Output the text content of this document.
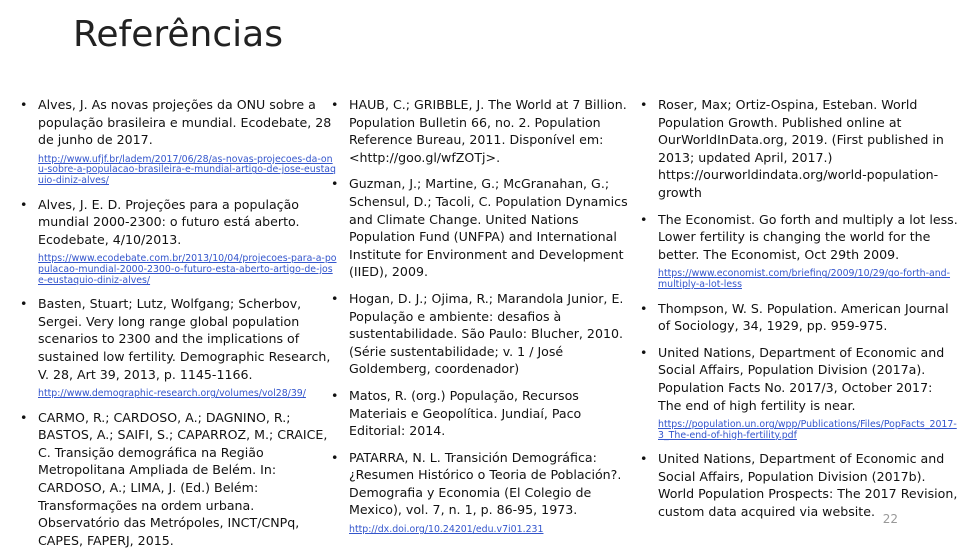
Referências
• Alves, J. As novas projeções da ONU sobre a população brasileira e mundial. Ecodebate, 28 de junho de 2017.
http://www.ufjf.br/ladem/2017/06/28/as-novas-projecoes-da-onu-sobre-a-populacao-brasileira-e-mundial-artigo-de-jose-eustaquio-diniz-alves/
• Alves, J. E. D. Projeções para a população mundial 2000-2300: o futuro está aberto. Ecodebate, 4/10/2013.
https://www.ecodebate.com.br/2013/10/04/projecoes-para-a-populacao-mundial-2000-2300-o-futuro-esta-aberto-artigo-de-jose-eustaquio-diniz-alves/
• Basten, Stuart; Lutz, Wolfgang; Scherbov, Sergei. Very long range global population scenarios to 2300 and the implications of sustained low fertility. Demographic Research, V. 28, Art 39, 2013, p. 1145-1166.
http://www.demographic-research.org/volumes/vol28/39/
• CARMO, R.; CARDOSO, A.; DAGNINO, R.; BASTOS, A.; SAIFI, S.; CAPARROZ, M.; CRAICE, C. Transição demográfica na Região Metropolitana Ampliada de Belém. In: CARDOSO, A.; LIMA, J. (Ed.) Belém: Transformações na ordem urbana. Observatório das Metrópoles, INCT/CNPq, CAPES, FAPERJ, 2015.
• HAUB, C.; GRIBBLE, J. The World at 7 Billion. Population Bulletin 66, no. 2. Population Reference Bureau, 2011. Disponível em: <http://goo.gl/wfZOTj>.
• Guzman, J.; Martine, G.; McGranahan, G.; Schensul, D.; Tacoli, C. Population Dynamics and Climate Change. United Nations Population Fund (UNFPA) and International Institute for Environment and Development (IIED), 2009.
• Hogan, D. J.; Ojima, R.; Marandola Junior, E. População e ambiente: desafios à sustentabilidade. São Paulo: Blucher, 2010. (Série sustentabilidade; v. 1 / José Goldemberg, coordenador)
• Matos, R. (org.) População, Recursos Materiais e Geopolítica. Jundiaí, Paco Editorial: 2014.
• PATARRA, N. L. Transición Demográfica: ¿Resumen Histórico o Teoria de Población?. Demografia y Economia (El Colegio de Mexico), vol. 7, n. 1, p. 86-95, 1973.
http://dx.doi.org/10.24201/edu.v7i01.231
• Roser, Max; Ortiz-Ospina, Esteban. World Population Growth. Published online at OurWorldInData.org, 2019. (First published in 2013; updated April, 2017.) https://ourworldindata.org/world-population-growth
• The Economist. Go forth and multiply a lot less. Lower fertility is changing the world for the better. The Economist, Oct 29th 2009.
https://www.economist.com/briefing/2009/10/29/go-forth-and-multiply-a-lot-less
• Thompson, W. S. Population. American Journal of Sociology, 34, 1929, pp. 959-975.
• United Nations, Department of Economic and Social Affairs, Population Division (2017a). Population Facts No. 2017/3, October 2017: The end of high fertility is near.
https://population.un.org/wpp/Publications/Files/PopFacts_2017-3_The-end-of-high-fertility.pdf
• United Nations, Department of Economic and Social Affairs, Population Division (2017b). World Population Prospects: The 2017 Revision, custom data acquired via website. 22
